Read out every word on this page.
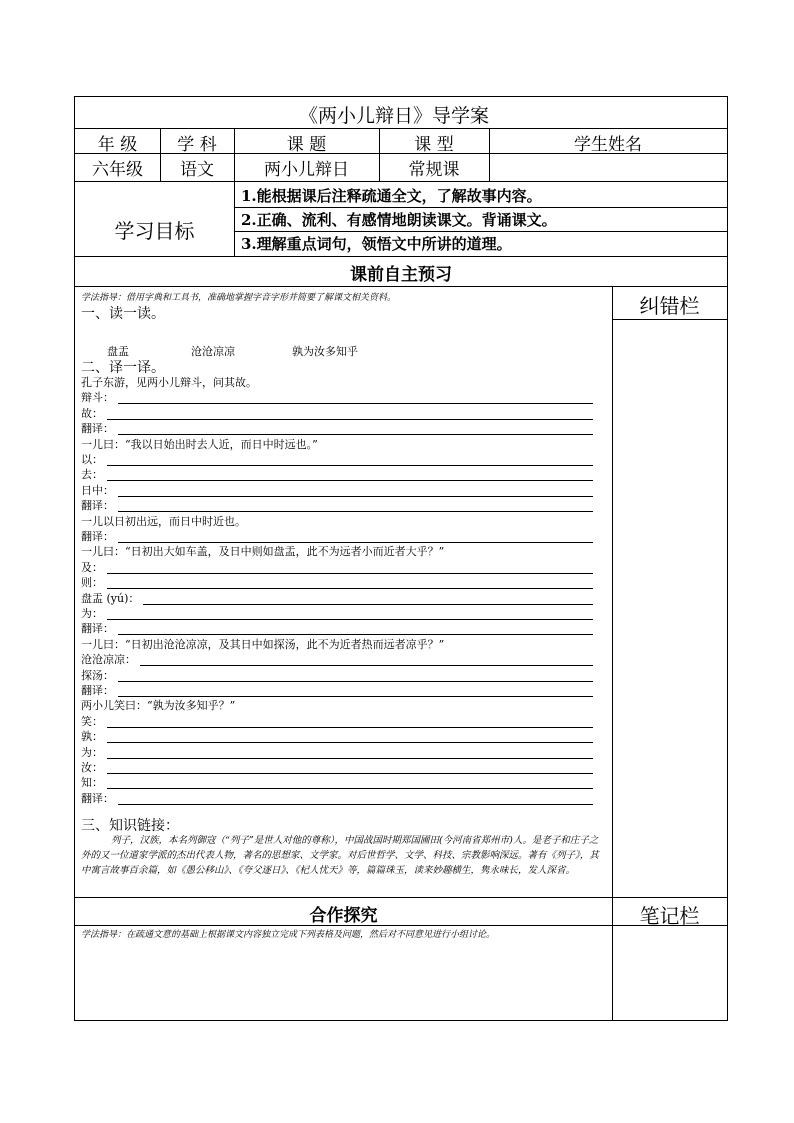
《两小儿辩日》导学案
年 级	学 科	课 题	课 型	学生姓名
六年级	语文	两小儿辩日	常规课
学习目标
1.能根据课后注释疏通全文，了解故事内容。
2.正确、流利、有感情地朗读课文。背诵课文。
3.理解重点词句，领悟文中所讲的道理。
课前自主预习
纠错栏
学法指导：借用字典和工具书，准确地掌握字音字形并简要了解课文相关资料。
一、读一读。
盘盂	沧沧凉凉	孰为汝多知乎
二、译一译。
孔子东游，见两小儿辩斗，问其故。
辩斗：
故：
翻译：
一儿曰：“我以日始出时去人近，而日中时远也。”
以：
去：
日中：
翻译：
一儿以日初出远，而日中时近也。
翻译：
一儿曰：“日初出大如车盖，及日中则如盘盂，此不为远者小而近者大乎？”
及：
则：
盘盂 (yú)：
为：
翻译：
一儿曰：“日初出沧沧凉凉，及其日中如探汤，此不为近者热而远者凉乎？”
沧沧凉凉：
探汤：
翻译：
两小儿笑曰：“孰为汝多知乎？”
笑：
孰：
为：
汝：
知：
翻译：
三、知识链接：
列子，汉族，本名列御寇（“列子”是世人对他的尊称），中国战国时期郑国圃田(今河南省郑州市)人。是老子和庄子之外的又一位道家学派的杰出代表人物，著名的思想家、文学家。对后世哲学、文学、科技、宗教影响深远。著有《列子》，其中寓言故事百余篇，如《愚公移山》、《夸父逐日》、《杞人忧天》等，篇篇珠玉，读来妙趣横生，隽永味长，发人深省。
合作探究	笔记栏
学法指导：在疏通文意的基础上根据课文内容独立完成下列表格及问题，然后对不同意见进行小组讨论。
